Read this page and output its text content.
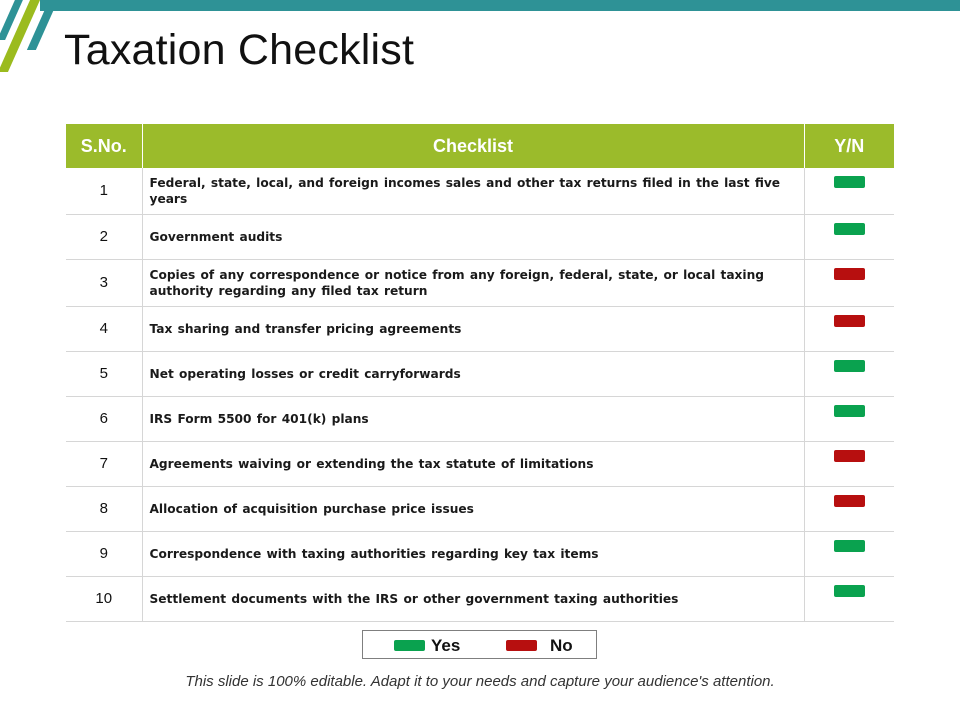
Taxation Checklist
S.No.	Checklist	Y/N
1	Federal, state, local, and foreign incomes sales and other tax returns filed in the last five years	

2	Government audits	

3	Copies of any correspondence or notice from any foreign, federal, state, or local taxing authority regarding any filed tax return	

4	Tax sharing and transfer pricing agreements	

5	Net operating losses or credit carryforwards	

6	IRS Form 5500 for 401(k) plans	

7	Agreements waiving or extending the tax statute of limitations	

8	Allocation of acquisition purchase price issues	

9	Correspondence with taxing authorities regarding key tax items	

10	Settlement documents with the IRS or other government taxing authorities	

Yes	No
This slide is 100% editable. Adapt it to your needs and capture your audience's attention.
